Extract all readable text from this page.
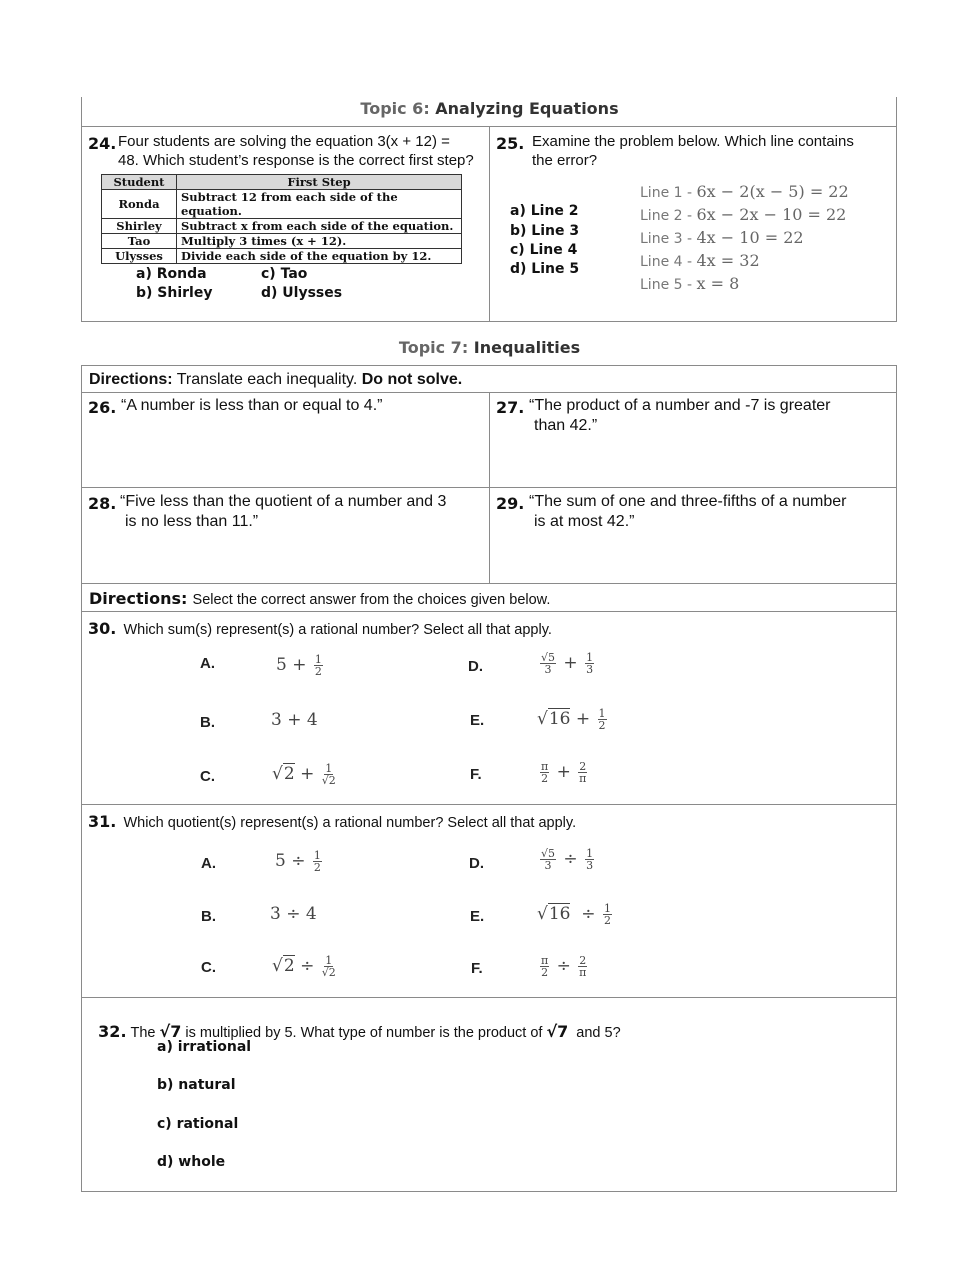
Topic 6: Analyzing Equations
24. Four students are solving the equation 3(x + 12) =
48. Which student’s response is the correct first step?
Student	First Step
Ronda	Subtract 12 from each side of the equation.
Shirley	Subtract x from each side of the equation.
Tao	Multiply 3 times (x + 12).
Ulysses	Divide each side of the equation by 12.
a) Ronda
b) Shirley
c) Tao
d) Ulysses
25. Examine the problem below. Which line contains
the error?
a) Line 2
b) Line 3
c) Line 4
d) Line 5
Line 1 - 6x − 2(x − 5) = 22
Line 2 - 6x − 2x − 10 = 22
Line 3 - 4x − 10 = 22
Line 4 - 4x = 32
Line 5 - x = 8
Topic 7: Inequalities
Directions: Translate each inequality. Do not solve.
26. “A number is less than or equal to 4.”	27. “The product of a number and -7 is greater
than 42.”
28. “Five less than the quotient of a number and 3
is no less than 11.”
29. “The sum of one and three-fifths of a number
is at most 42.”
Directions: Select the correct answer from the choices given below.
30. Which sum(s) represent(s) a rational number? Select all that apply.
A.	$5 + \frac{1}{2}$
B.	3 + 4
C.	$√2 + \frac{1}{√2}$
D.	$\frac{√5}{3} + \frac{1}{3}$
E.	$√16 + \frac{1}{2}$
F.	$\frac{\pi}{2} + \frac{2}{\pi}$
31. Which quotient(s) represent(s) a rational number? Select all that apply.
A.	$5 \div \frac{1}{2}$
B.	3 ÷ 4
C.	$√2 \div \frac{1}{√2}$
D.	$\frac{√5}{3} \div \frac{1}{3}$
E.	$√16 \div \frac{1}{2}$
F.	$\frac{\pi}{2} \div \frac{2}{\pi}$

32. The √7 is multiplied by 5. What type of number is the product of √7  and 5?

a) irrational
b) natural
c) rational
d) whole
